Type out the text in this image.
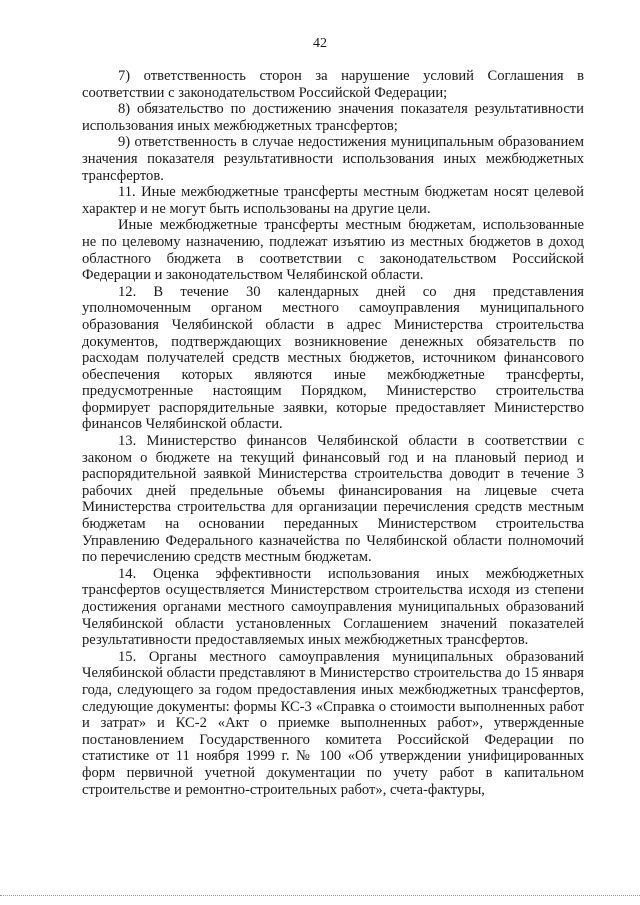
42

7) ответственность сторон за нарушение условий Соглашения в соответствии с законодательством Российской Федерации;

8) обязательство по достижению значения показателя результативности использования иных межбюджетных трансфертов;

9) ответственность в случае недостижения муниципальным образованием значения показателя результативности использования иных межбюджетных трансфертов.

11. Иные межбюджетные трансферты местным бюджетам носят целевой характер и не могут быть использованы на другие цели.

Иные межбюджетные трансферты местным бюджетам, использованные не по целевому назначению, подлежат изъятию из местных бюджетов в доход областного бюджета в соответствии с законодательством Российской Федерации и законодательством Челябинской области.

12. В течение 30 календарных дней со дня представления уполномоченным органом местного самоуправления муниципального образования Челябинской области в адрес Министерства строительства документов, подтверждающих возникновение денежных обязательств по расходам получателей средств местных бюджетов, источником финансового обеспечения которых являются иные межбюджетные трансферты, предусмотренные настоящим Порядком, Министерство строительства формирует распорядительные заявки, которые предоставляет Министерство финансов Челябинской области.

13. Министерство финансов Челябинской области в соответствии с законом о бюджете на текущий финансовый год и на плановый период и распорядительной заявкой Министерства строительства доводит в течение 3 рабочих дней предельные объемы финансирования на лицевые счета Министерства строительства для организации перечисления средств местным бюджетам на основании переданных Министерством строительства Управлению Федерального казначейства по Челябинской области полномочий по перечислению средств местным бюджетам.

14. Оценка эффективности использования иных межбюджетных трансфертов осуществляется Министерством строительства исходя из степени достижения органами местного самоуправления муниципальных образований Челябинской области установленных Соглашением значений показателей результативности предоставляемых иных межбюджетных трансфертов.

15. Органы местного самоуправления муниципальных образований Челябинской области представляют в Министерство строительства до 15 января года, следующего за годом предоставления иных межбюджетных трансфертов, следующие документы: формы КС-3 «Справка о стоимости выполненных работ и затрат» и КС-2 «Акт о приемке выполненных работ», утвержденные постановлением Государственного комитета Российской Федерации по статистике от 11 ноября 1999 г. № 100 «Об утверждении унифицированных форм первичной учетной документации по учету работ в капитальном строительстве и ремонтно-строительных работ», счета-фактуры,
